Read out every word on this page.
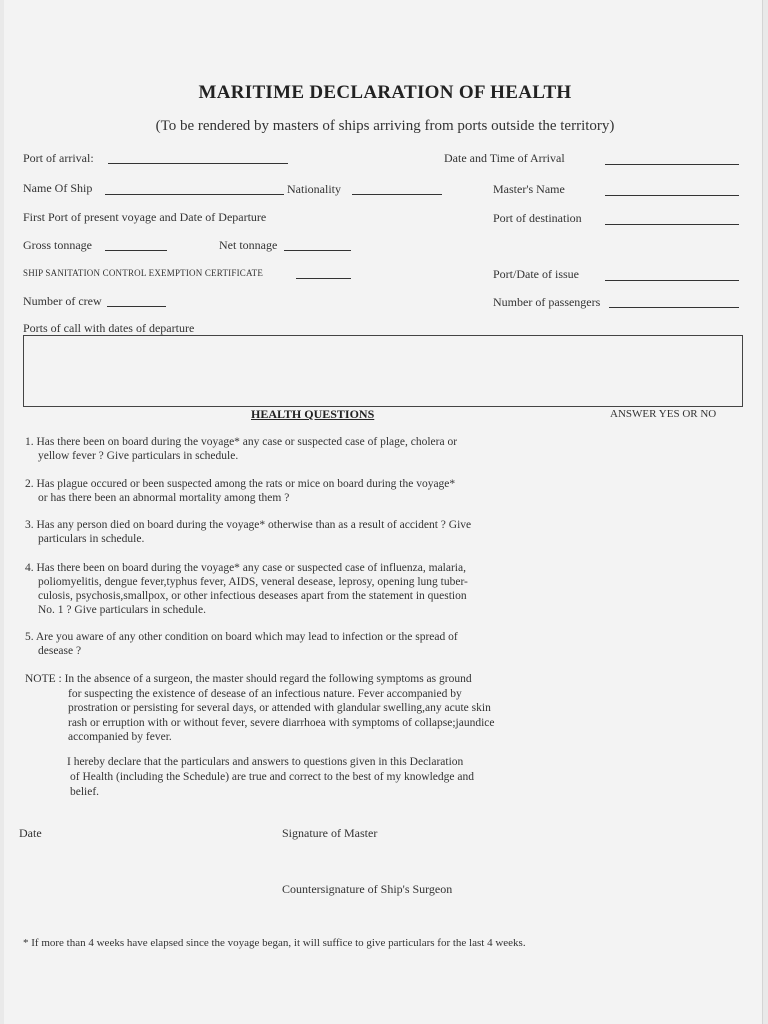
MARITIME DECLARATION OF HEALTH
(To be rendered by masters of ships arriving from ports outside the territory)
Port of arrival:	Date and Time of Arrival
Name Of Ship	Nationality	Master's Name
First Port of present voyage and Date of Departure	Port of destination
Gross tonnage	Net tonnage
SHIP SANITATION CONTROL EXEMPTION CERTIFICATE	Port/Date of issue
Number of crew	Number of passengers
Ports of call with dates of departure
HEALTH QUESTIONS	ANSWER YES OR NO
1. Has there been on board during the voyage* any case or suspected case of plage, cholera or
yellow fever ? Give particulars in schedule.
2. Has plague occured or been suspected among the rats or mice on board during the voyage*
or has there been an abnormal mortality among them ?
3. Has any person died on board during the voyage* otherwise than as a result of accident ? Give
particulars in schedule.
4. Has there been on board during the voyage* any case or suspected case of influenza, malaria,
poliomyelitis, dengue fever,typhus fever, AIDS, veneral desease, leprosy, opening lung tuber-
culosis, psychosis,smallpox, or other infectious deseases apart from the statement in question
No. 1 ? Give particulars in schedule.
5. Are you aware of any other condition on board which may lead to infection or the spread of
desease ?
NOTE : In the absence of a surgeon, the master should regard the following symptoms as ground
for suspecting the existence of desease of an infectious nature. Fever accompanied by
prostration or persisting for several days, or attended with glandular swelling,any acute skin
rash or erruption with or without fever, severe diarrhoea with symptoms of collapse;jaundice
accompanied by fever.
I hereby declare that the particulars and answers to questions given in this Declaration
of Health (including the Schedule) are true and correct to the best of my knowledge and
belief.
Date	Signature of Master
Countersignature of Ship's Surgeon
* If more than 4 weeks have elapsed since the voyage began, it will suffice to give particulars for the last 4 weeks.
